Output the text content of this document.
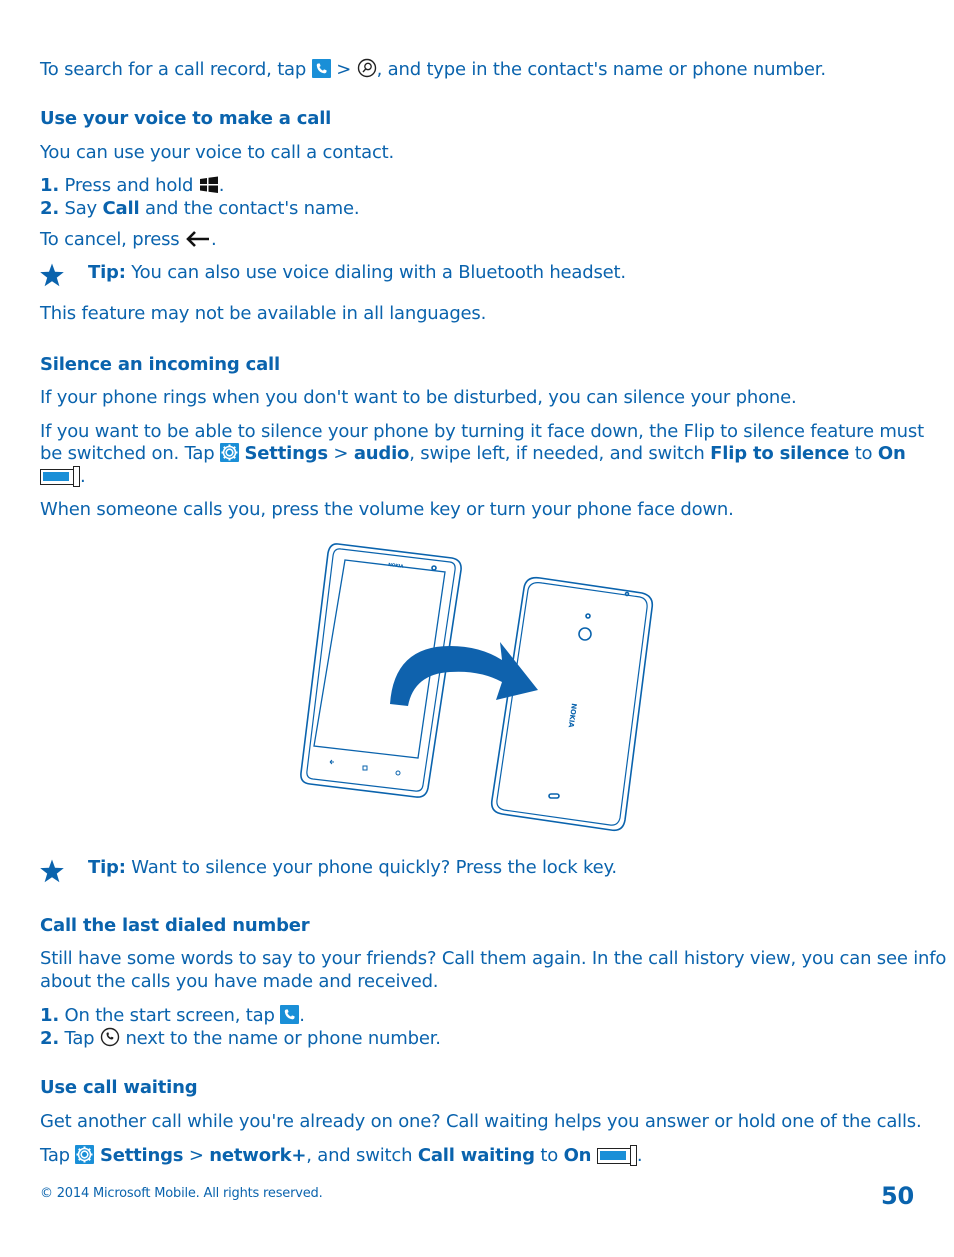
To search for a call record, tap > , and type in the contact's name or phone number.
Use your voice to make a call
You can use your voice to call a contact.
1. Press and hold .
2. Say Call and the contact's name.
To cancel, press .
Tip: You can also use voice dialing with a Bluetooth headset.
This feature may not be available in all languages.
Silence an incoming call
If your phone rings when you don't want to be disturbed, you can silence your phone.
If you want to be able to silence your phone by turning it face down, the Flip to silence feature must
be switched on. Tap Settings > audio, swipe left, if needed, and switch Flip to silence to On
.
When someone calls you, press the volume key or turn your phone face down.
NOKIA
NOKIA
Tip: Want to silence your phone quickly? Press the lock key.
Call the last dialed number
Still have some words to say to your friends? Call them again. In the call history view, you can see info
about the calls you have made and received.
1. On the start screen, tap .
2. Tap next to the name or phone number.
Use call waiting
Get another call while you're already on one? Call waiting helps you answer or hold one of the calls.
Tap Settings > network+, and switch Call waiting to On	.
© 2014 Microsoft Mobile. All rights reserved.	50
